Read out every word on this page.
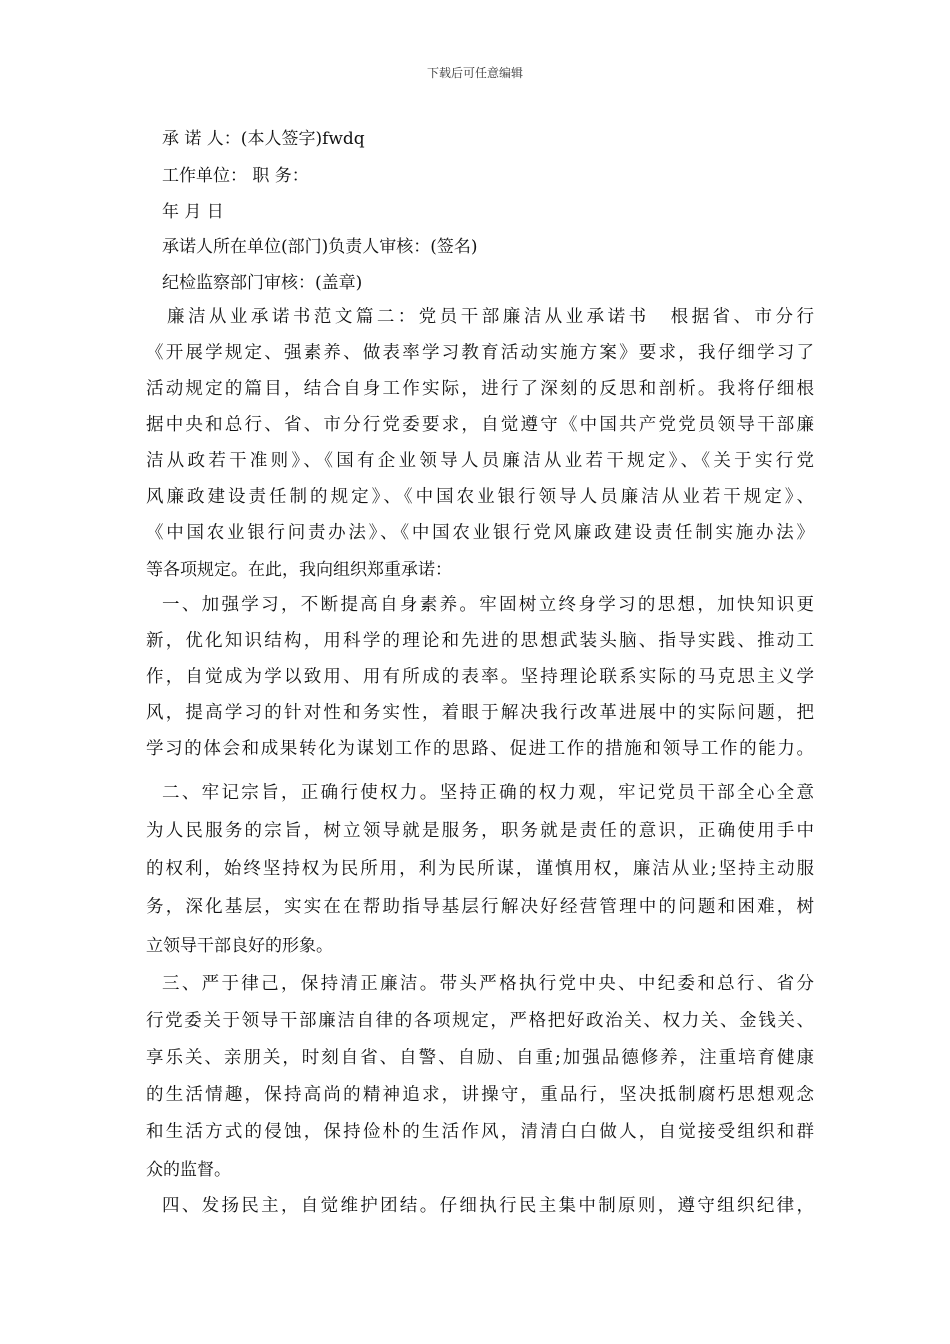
下载后可任意编辑
承 诺 人：(本人签字)fwdq
工作单位： 职 务：
年 月 日
承诺人所在单位(部门)负责人审核：(签名)
纪检监察部门审核：(盖章)
　廉洁从业承诺书范文篇二：党员干部廉洁从业承诺书　根据省、市分行
《开展学规定、强素养、做表率学习教育活动实施方案》要求，我仔细学习了
活动规定的篇目，结合自身工作实际，进行了深刻的反思和剖析。我将仔细根
据中央和总行、省、市分行党委要求，自觉遵守《中国共产党党员领导干部廉
洁从政若干准则》、《国有企业领导人员廉洁从业若干规定》、《关于实行党
风廉政建设责任制的规定》、《中国农业银行领导人员廉洁从业若干规定》、
《中国农业银行问责办法》、《中国农业银行党风廉政建设责任制实施办法》
等各项规定。在此，我向组织郑重承诺：
一、加强学习，不断提高自身素养。牢固树立终身学习的思想，加快知识更
新，优化知识结构，用科学的理论和先进的思想武装头脑、指导实践、推动工
作，自觉成为学以致用、用有所成的表率。坚持理论联系实际的马克思主义学
风，提高学习的针对性和务实性，着眼于解决我行改革进展中的实际问题，把
学习的体会和成果转化为谋划工作的思路、促进工作的措施和领导工作的能力。
二、牢记宗旨，正确行使权力。坚持正确的权力观，牢记党员干部全心全意
为人民服务的宗旨，树立领导就是服务，职务就是责任的意识，正确使用手中
的权利，始终坚持权为民所用，利为民所谋，谨慎用权，廉洁从业;坚持主动服
务，深化基层，实实在在帮助指导基层行解决好经营管理中的问题和困难，树
立领导干部良好的形象。
三、严于律己，保持清正廉洁。带头严格执行党中央、中纪委和总行、省分
行党委关于领导干部廉洁自律的各项规定，严格把好政治关、权力关、金钱关、
享乐关、亲朋关，时刻自省、自警、自励、自重;加强品德修养，注重培育健康
的生活情趣，保持高尚的精神追求，讲操守，重品行，坚决抵制腐朽思想观念
和生活方式的侵蚀，保持俭朴的生活作风，清清白白做人，自觉接受组织和群
众的监督。
四、发扬民主，自觉维护团结。仔细执行民主集中制原则，遵守组织纪律，
